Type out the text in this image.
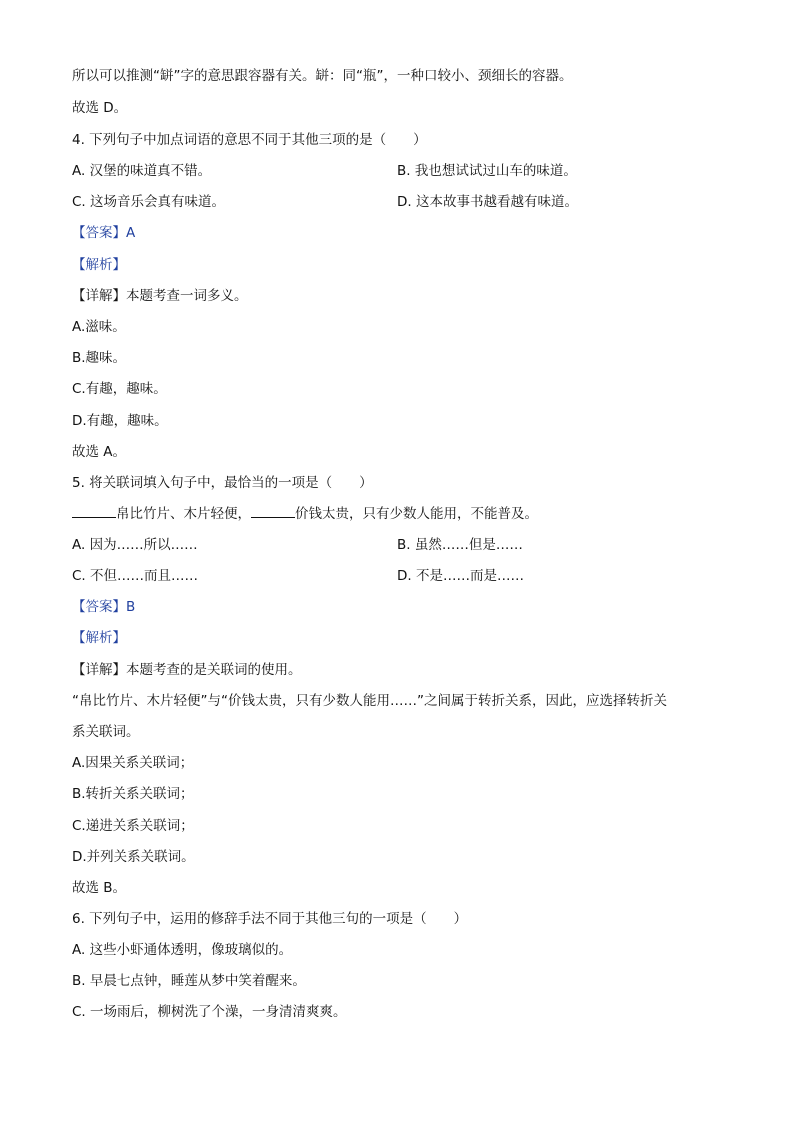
所以可以推测“缾”字的意思跟容器有关。缾：同“瓶”，一种口较小、颈细长的容器。
故选 D。
4. 下列句子中加点词语的意思不同于其他三项的是（　　）
A. 汉堡的味道真不错。	B. 我也想试试过山车的味道。
C. 这场音乐会真有味道。	D. 这本故事书越看越有味道。
【答案】A
【解析】
【详解】本题考查一词多义。
A.滋味。
B.趣味。
C.有趣，趣味。
D.有趣，趣味。
故选 A。
5. 将关联词填入句子中，最恰当的一项是（　　）
帛比竹片、木片轻便，	价钱太贵，只有少数人能用，不能普及。
A. 因为……所以……	B. 虽然……但是……
C. 不但……而且……	D. 不是……而是……
【答案】B
【解析】
【详解】本题考查的是关联词的使用。
“帛比竹片、木片轻便”与“价钱太贵，只有少数人能用……”之间属于转折关系，因此，应选择转折关
系关联词。
A.因果关系关联词；
B.转折关系关联词；
C.递进关系关联词；
D.并列关系关联词。
故选 B。
6. 下列句子中，运用的修辞手法不同于其他三句的一项是（　　）
A. 这些小虾通体透明，像玻璃似的。
B. 早晨七点钟，睡莲从梦中笑着醒来。
C. 一场雨后，柳树洗了个澡，一身清清爽爽。
